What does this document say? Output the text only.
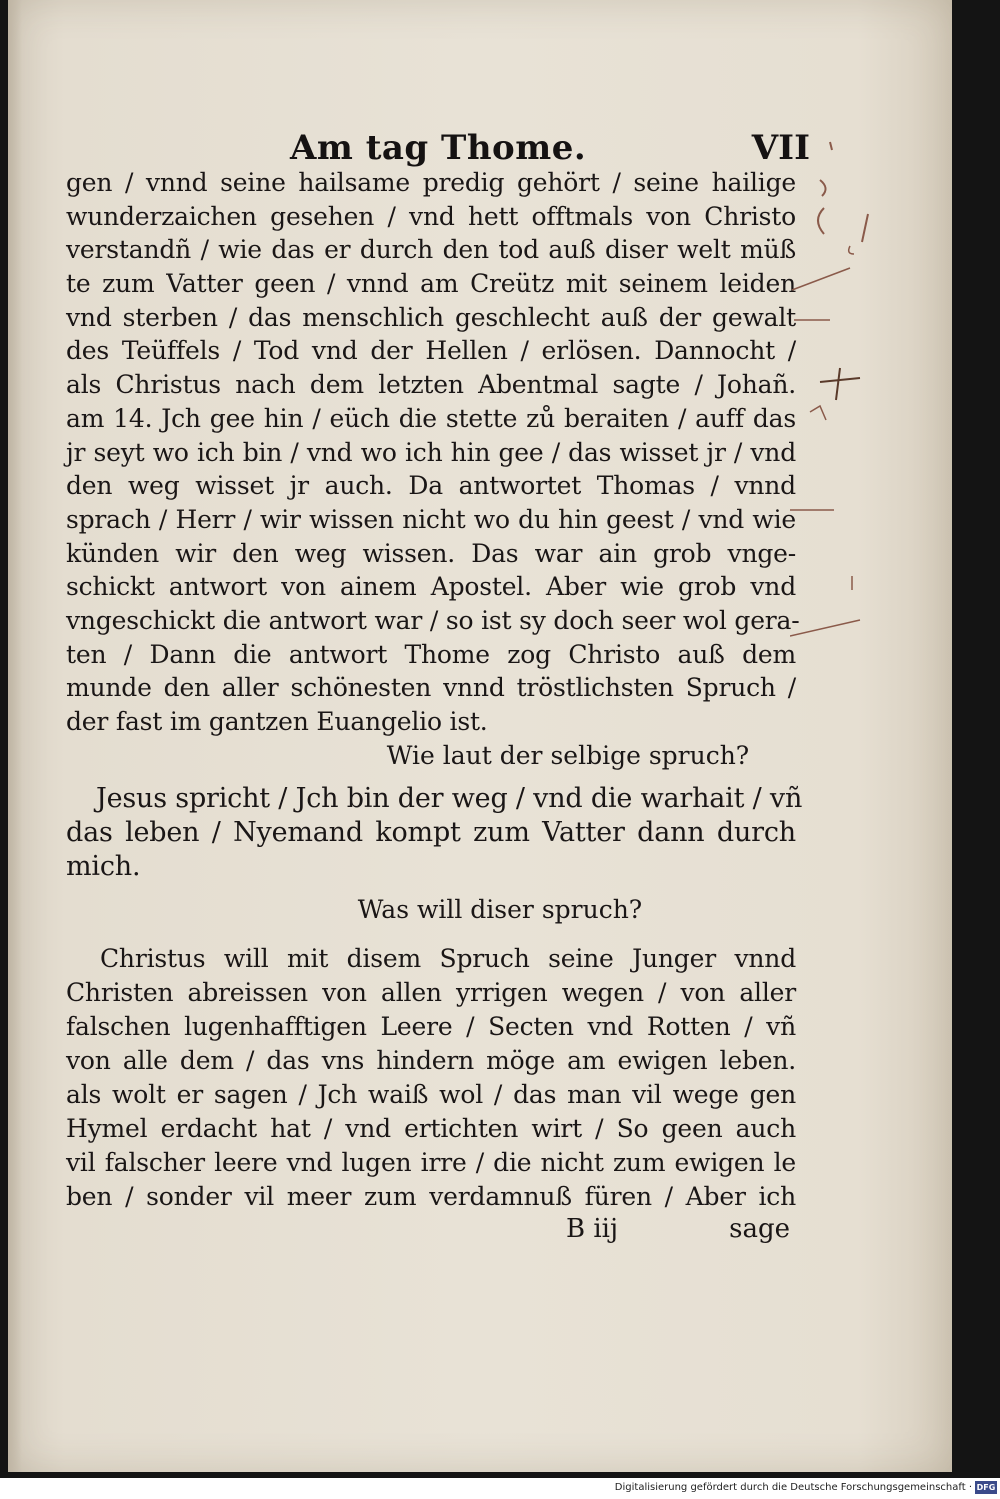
Am tag Thome.	VII
gen / vnnd seine hailsame predig gehört / seine hailige
wunderzaichen gesehen / vnd hett offtmals von Christo
verstandñ / wie das er durch den tod auß diser welt müß
te zum Vatter geen / vnnd am Creütz mit seinem leiden
vnd sterben / das menschlich geschlecht auß der gewalt
des Teüffels / Tod vnd der Hellen / erlösen. Dannocht /
als Christus nach dem letzten Abentmal sagte / Johañ.
am 14. Jch gee hin / eüch die stette zů beraiten / auff das
jr seyt wo ich bin / vnd wo ich hin gee / das wisset jr / vnd
den weg wisset jr auch. Da antwortet Thomas / vnnd
sprach / Herr / wir wissen nicht wo du hin geest / vnd wie
künden wir den weg wissen. Das war ain grob vnge-
schickt antwort von ainem Apostel. Aber wie grob vnd
vngeschickt die antwort war / so ist sy doch seer wol gera-
ten / Dann die antwort Thome zog Christo auß dem
munde den aller schönesten vnnd tröstlichsten Spruch /
der fast im gantzen Euangelio ist.
Wie laut der selbige spruch?
Jesus spricht / Jch bin der weg / vnd die warhait / vñ
das leben / Nyemand kompt zum Vatter dann durch
mich.
Was will diser spruch?
Christus will mit disem Spruch seine Junger vnnd
Christen abreissen von allen yrrigen wegen / von aller
falschen lugenhafftigen Leere / Secten vnd Rotten / vñ
von alle dem / das vns hindern möge am ewigen leben.
als wolt er sagen / Jch waiß wol / das man vil wege gen
Hymel erdacht hat / vnd ertichten wirt / So geen auch
vil falscher leere vnd lugen irre / die nicht zum ewigen le
ben / sonder vil meer zum verdamnuß füren / Aber ich
B iij	sage
Digitalisierung gefördert durch die Deutsche Forschungsgemeinschaft · DFG
